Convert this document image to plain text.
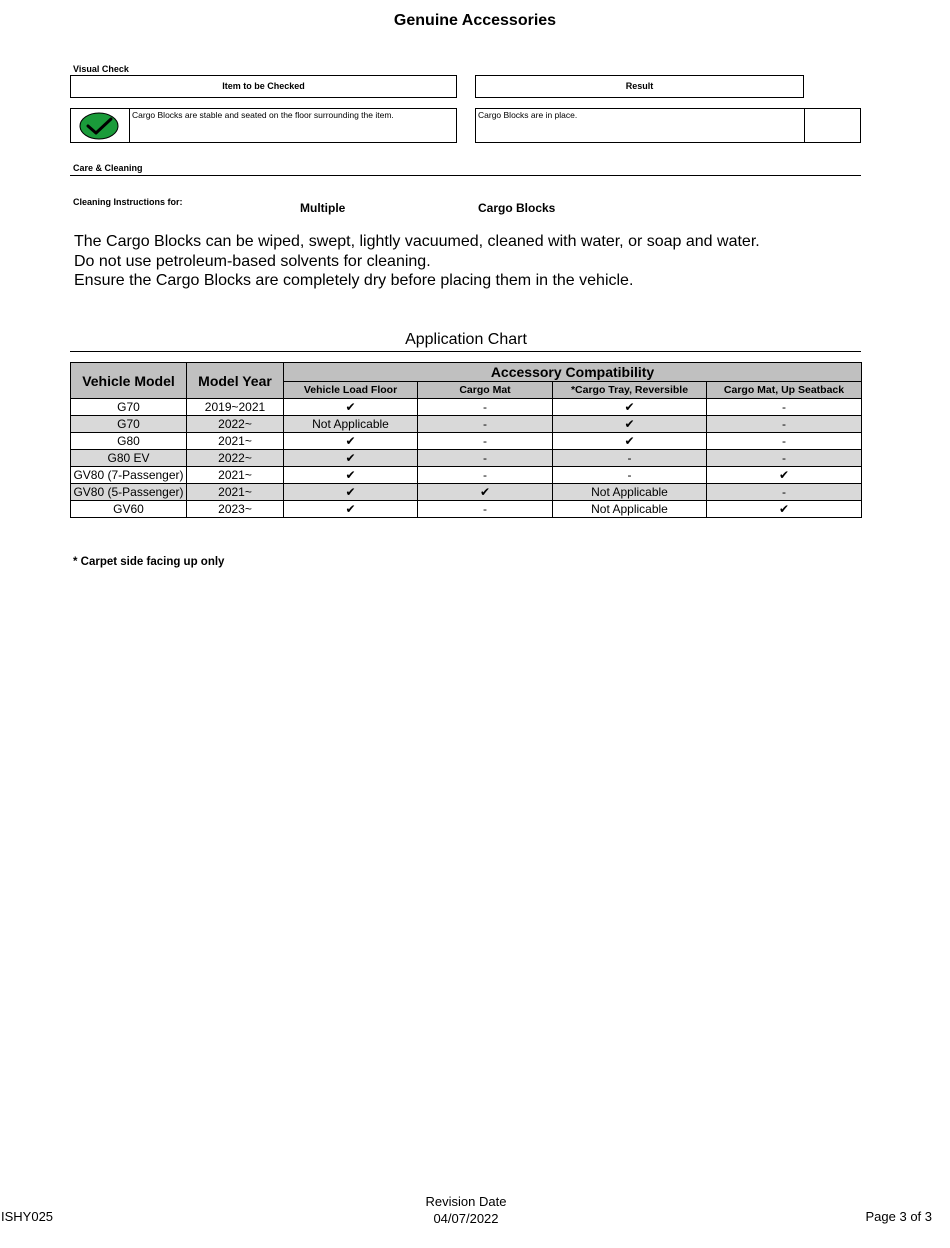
Genuine Accessories
Visual Check
Item to be Checked	Result
Cargo Blocks are stable and seated on the floor surrounding the item.	Cargo Blocks are in place.
Care & Cleaning
Cleaning Instructions for:	Multiple	Cargo Blocks
The Cargo Blocks can be wiped, swept, lightly vacuumed, cleaned with water, or soap and water.
Do not use petroleum-based solvents for cleaning.
Ensure the Cargo Blocks are completely dry before placing them in the vehicle.
Application Chart
Vehicle Model	Model Year	Accessory Compatibility			
		Vehicle Load Floor	Cargo Mat	*Cargo Tray, Reversible	Cargo Mat, Up Seatback
G70	2019~2021	✔	-	✔	-
G70	2022~	Not Applicable	-	✔	-
G80	2021~	✔	-	✔	-
G80 EV	2022~	✔	-	-	-
GV80 (7-Passenger)	2021~	✔	-	-	✔
GV80 (5-Passenger)	2021~	✔	✔	Not Applicable	-
GV60	2023~	✔	-	Not Applicable	✔
* Carpet side facing up only
ISHY025
Revision Date
04/07/2022	Page 3 of 3
